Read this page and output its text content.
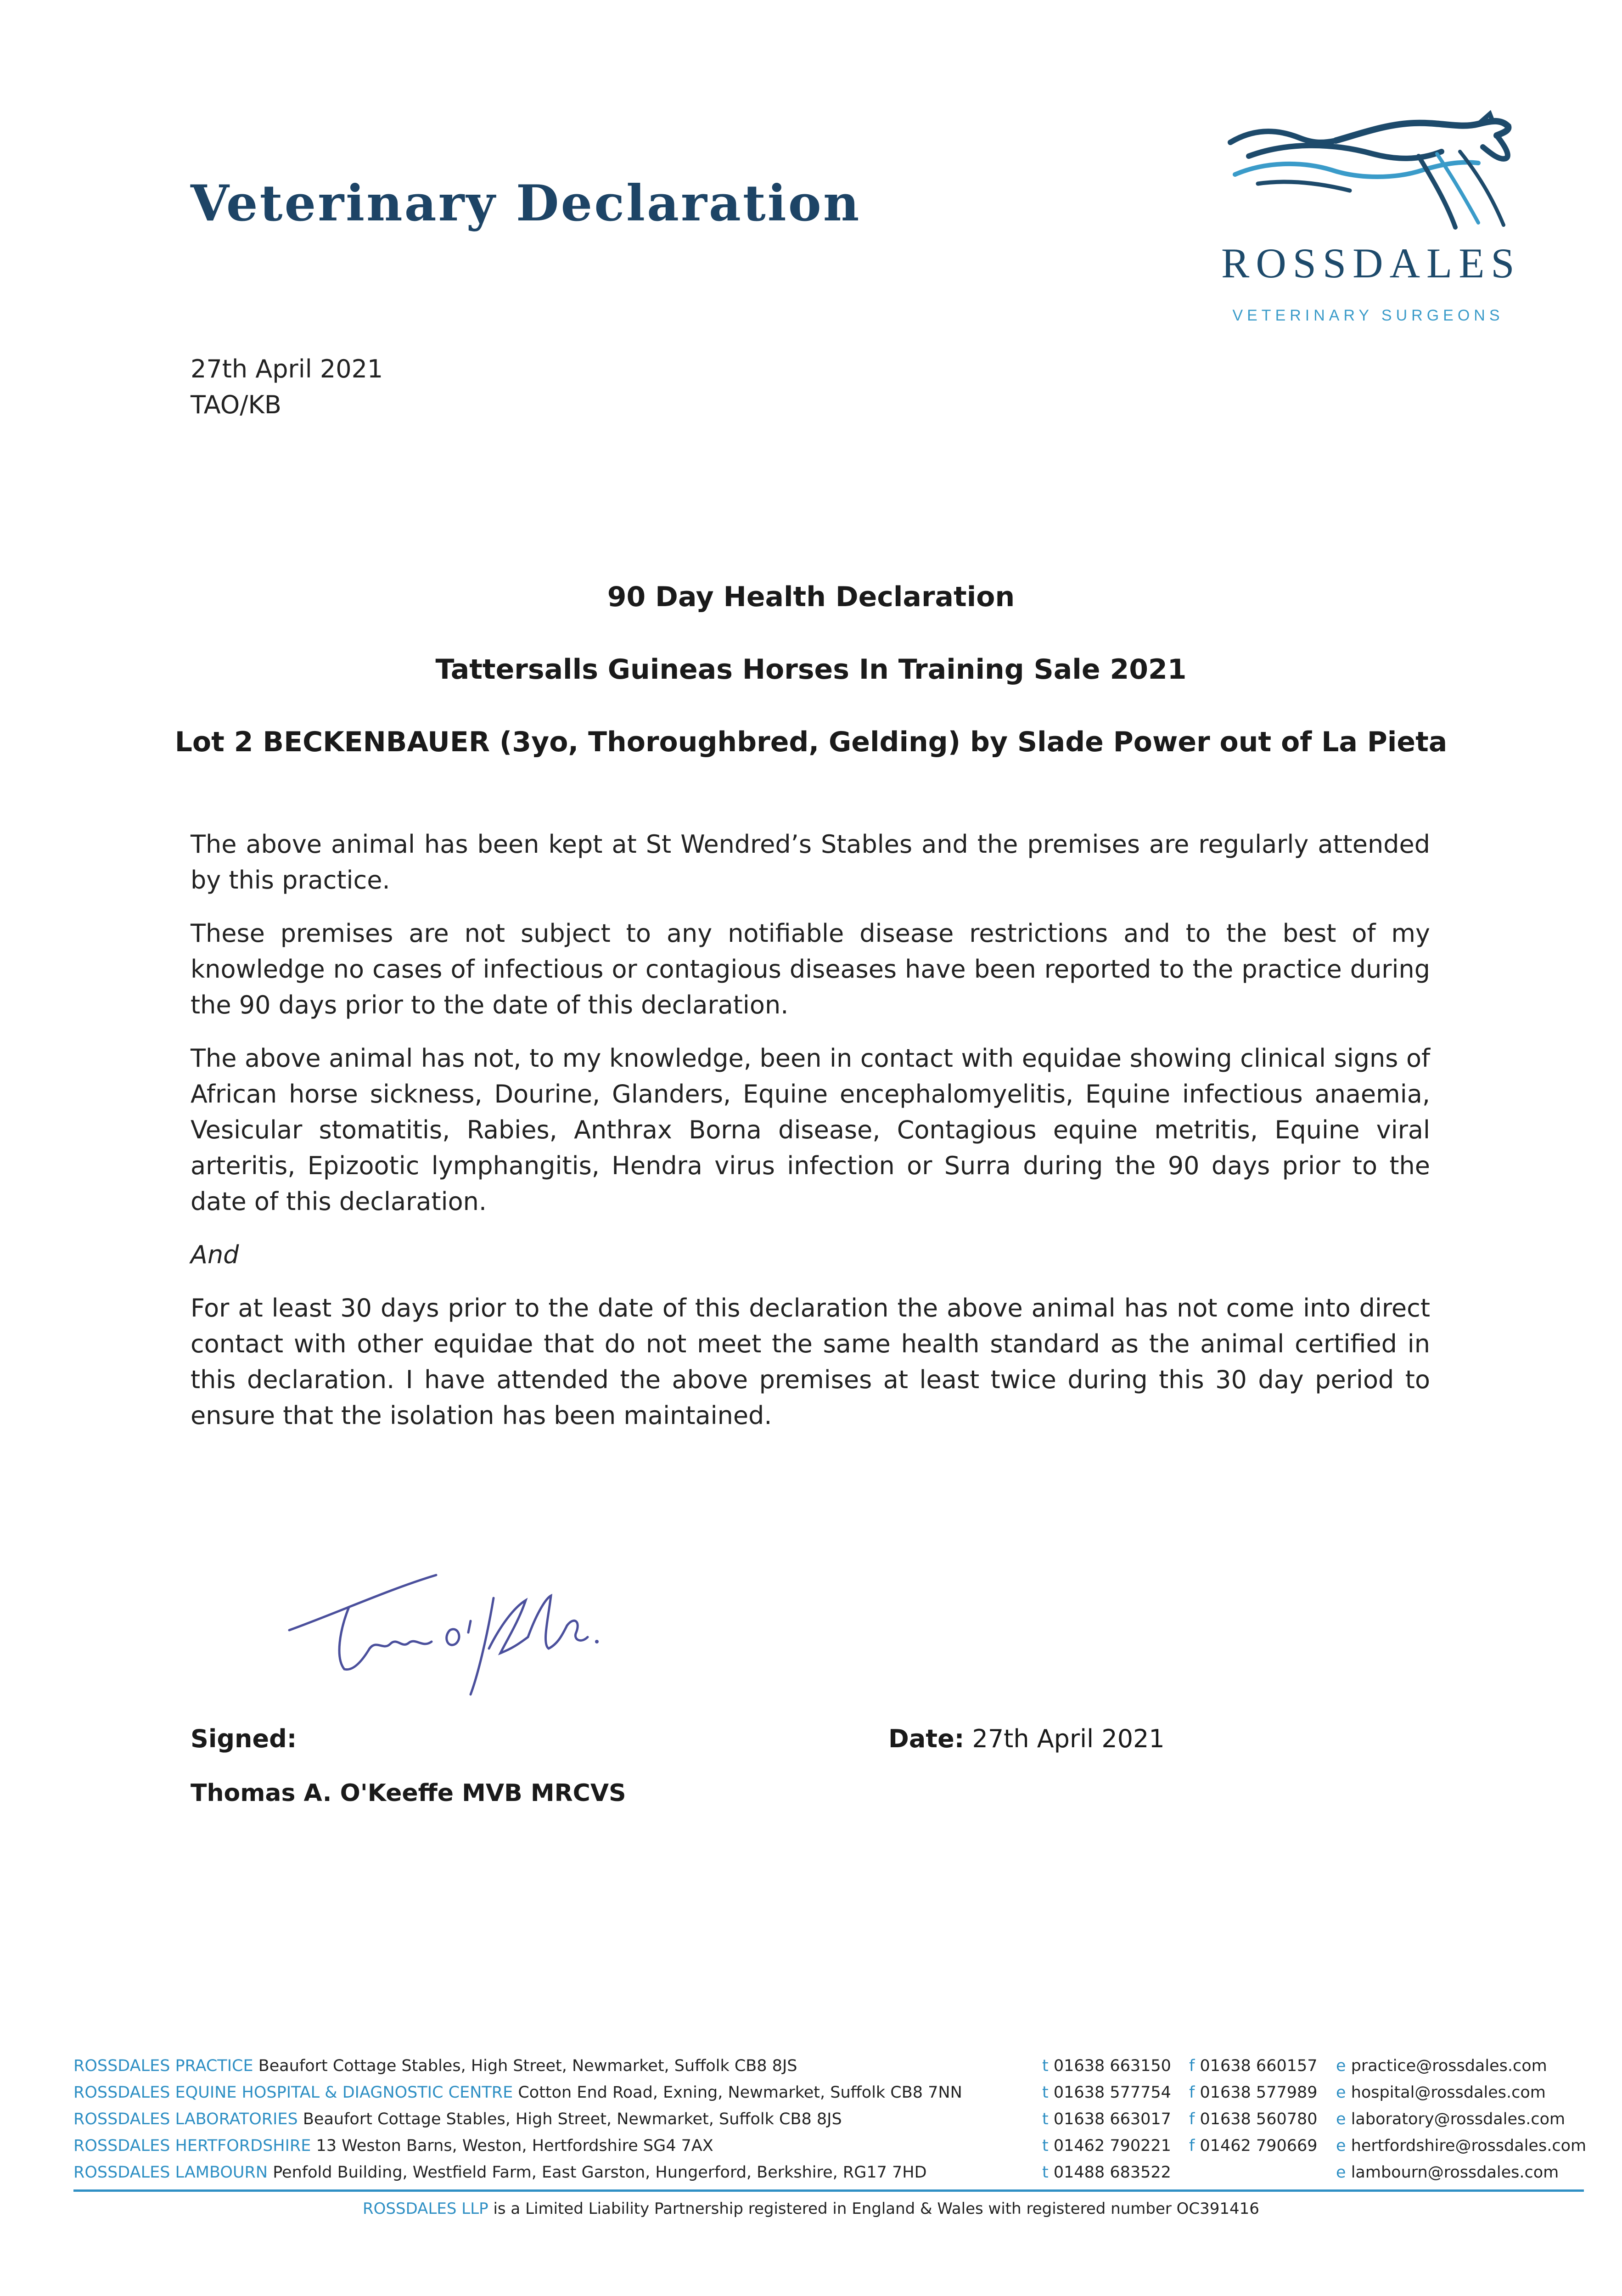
Veterinary Declaration
ROSSDALES
VETERINARY SURGEONS
27th April 2021
TAO/KB
90 Day Health Declaration
Tattersalls Guineas Horses In Training Sale 2021
Lot 2 BECKENBAUER (3yo, Thoroughbred, Gelding) by Slade Power out of La Pieta

The above animal has been kept at St Wendred’s Stables and the premises are regularly attended by this practice.

These premises are not subject to any notifiable disease restrictions and to the best of my knowledge no cases of infectious or contagious diseases have been reported to the practice during the 90 days prior to the date of this declaration.

The above animal has not, to my knowledge, been in contact with equidae showing clinical signs of African horse sickness, Dourine, Glanders, Equine encephalomyelitis, Equine infectious anaemia, Vesicular stomatitis, Rabies, Anthrax Borna disease, Contagious equine metritis, Equine viral arteritis, Epizootic lymphangitis, Hendra virus infection or Surra during the 90 days prior to the date of this declaration.

And

For at least 30 days prior to the date of this declaration the above animal has not come into direct contact with other equidae that do not meet the same health standard as the animal certified in this declaration. I have attended the above premises at least twice during this 30 day period to ensure that the isolation has been maintained.

Signed:	Date: 27th April 2021
Thomas A. O'Keeffe MVB MRCVS
ROSSDALES PRACTICE Beaufort Cottage Stables, High Street, Newmarket, Suffolk CB8 8JS	t 01638 663150 f 01638 660157 e practice@rossdales.com
ROSSDALES EQUINE HOSPITAL & DIAGNOSTIC CENTRE Cotton End Road, Exning, Newmarket, Suffolk CB8 7NN	t 01638 577754 f 01638 577989 e hospital@rossdales.com
ROSSDALES LABORATORIES Beaufort Cottage Stables, High Street, Newmarket, Suffolk CB8 8JS	t 01638 663017 f 01638 560780 e laboratory@rossdales.com
ROSSDALES HERTFORDSHIRE 13 Weston Barns, Weston, Hertfordshire SG4 7AX	t 01462 790221 f 01462 790669 e hertfordshire@rossdales.com
ROSSDALES LAMBOURN Penfold Building, Westfield Farm, East Garston, Hungerford, Berkshire, RG17 7HD	t 01488 683522	e lambourn@rossdales.com
ROSSDALES LLP is a Limited Liability Partnership registered in England & Wales with registered number OC391416
